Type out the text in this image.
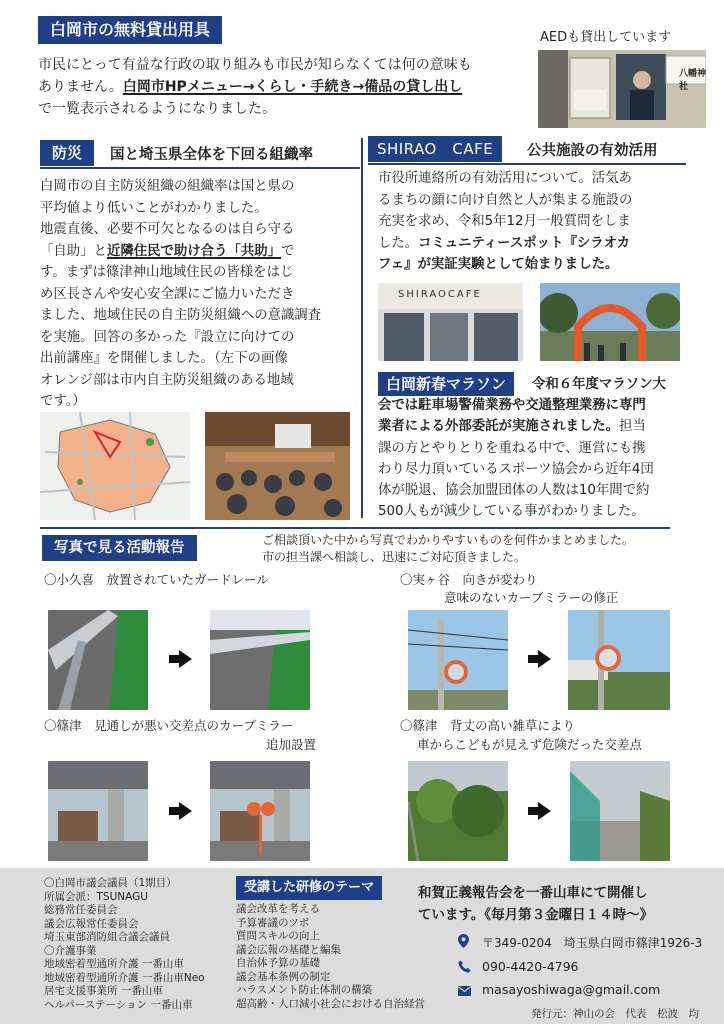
白岡市の無料貸出用具
市民にとって有益な行政の取り組みも市民が知らなくては何の意味も
ありません。白岡市HPメニュー→くらし・手続き→備品の貸し出し
で一覧表示されるようになりました。
AEDも貸出しています
八幡神社
防災	国と埼玉県全体を下回る組織率
白岡市の自主防災組織の組織率は国と県の
平均値より低いことがわかりました。
地震直後、必要不可欠となるのは自ら守る
「自助」と近隣住民で助け合う「共助」で
す。まずは篠津神山地域住民の皆様をはじ
め区長さんや安心安全課にご協力いただき
ました、地域住民の自主防災組織への意識調査
を実施。回答の多かった『設立に向けての
出前講座』を開催しました。（左下の画像
オレンジ部は市内自主防災組織のある地域
です。）
SHIRAO　CAFE	公共施設の有効活用
市役所連絡所の有効活用について。活気あ
るまちの顔に向け自然と人が集まる施設の
充実を求め、令和5年12月一般質問をしま
した。コミュニティースポット『シラオカ
フェ』が実証実験として始まりました。
SHIRAOCAFE
白岡新春マラソン	令和６年度マラソン大
会では駐車場警備業務や交通整理業務に専門
業者による外部委託が実施されました。担当
課の方とやりとりを重ねる中で、運営にも携
わり尽力頂いているスポーツ協会から近年4団
体が脱退、協会加盟団体の人数は10年間で約
500人もが減少している事がわかりました。
写真で見る活動報告	ご相談頂いた中から写真でわかりやすいものを何件かまとめました。
市の担当課へ相談し、迅速にご対応頂きました。
〇小久喜　放置されていたガードレール	〇実ヶ谷　向きが変わり
意味のないカーブミラーの修正
〇篠津　見通しが悪い交差点のカーブミラー
追加設置
〇篠津　背丈の高い雑草により
車からこどもが見えず危険だった交差点
〇白岡市議会議員（1期目）
所属会派：TSUNAGU
総務常任委員会
議会広報常任委員会
埼玉東部消防組合議会議員
〇介護事業
地域密着型通所介護 一番山車
地域密着型通所介護 一番山車Neo
居宅支援事業所 一番山車
ヘルパーステーション 一番山車
受講した研修のテーマ
議会改革を考える
予算審議のツボ
質問スキルの向上
議会広報の基礎と編集
自治体予算の基礎
議会基本条例の制定
ハラスメント防止体制の構築
超高齢・人口減小社会における自治経営
和賀正義報告会を一番山車にて開催し
ています。《毎月第３金曜日１４時～》
〒349-0204　埼玉県白岡市篠津1926-3
090-4420-4796
masayoshiwaga@gmail.com
発行元：神山の会　代表　松波　均
